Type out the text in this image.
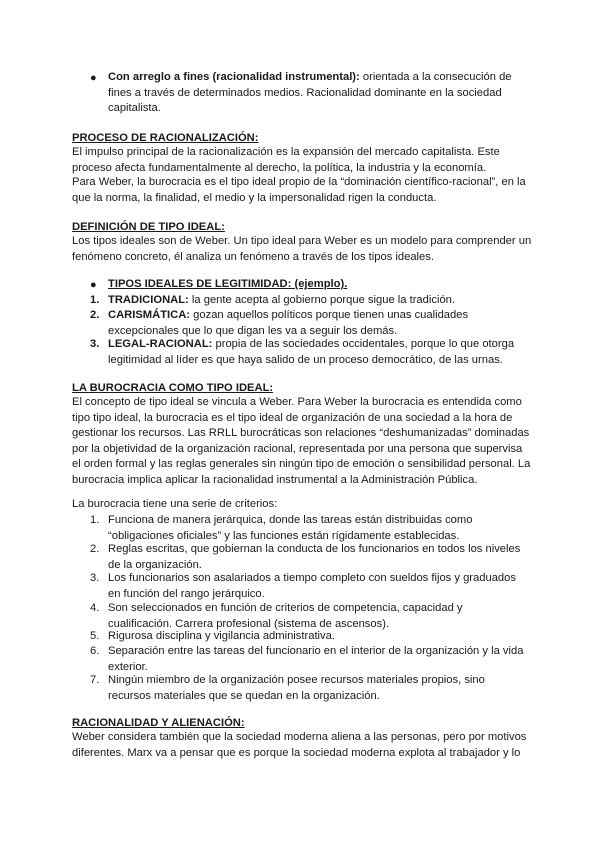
● Con arreglo a fines (racionalidad instrumental): orientada a la consecución de fines a través de determinados medios. Racionalidad dominante en la sociedad capitalista.

PROCESO DE RACIONALIZACIÓN:

El impulso principal de la racionalización es la expansión del mercado capitalista. Este proceso afecta fundamentalmente al derecho, la política, la industria y la economía.

Para Weber, la burocracia es el tipo ideal propio de la “dominación científico-racional”, en la que la norma, la finalidad, el medio y la impersonalidad rigen la conducta.

DEFINICIÓN DE TIPO IDEAL:

Los tipos ideales son de Weber. Un tipo ideal para Weber es un modelo para comprender un fenómeno concreto, él analiza un fenómeno a través de los tipos ideales.

● TIPOS IDEALES DE LEGITIMIDAD: (ejemplo).

1. TRADICIONAL: la gente acepta al gobierno porque sigue la tradición.

2. CARISMÁTICA: gozan aquellos políticos porque tienen unas cualidades excepcionales que lo que digan les va a seguir los demás.

3. LEGAL-RACIONAL: propia de las sociedades occidentales, porque lo que otorga legitimidad al líder es que haya salido de un proceso democrático, de las urnas.

LA BUROCRACIA COMO TIPO IDEAL:

El concepto de tipo ideal se vincula a Weber. Para Weber la burocracia es entendida como tipo tipo ideal, la burocracia es el tipo ideal de organización de una sociedad a la hora de gestionar los recursos. Las RRLL burocráticas son relaciones “deshumanizadas” dominadas por la objetividad de la organización racional, representada por una persona que supervisa el orden formal y las reglas generales sin ningún tipo de emoción o sensibilidad personal. La burocracia implica aplicar la racionalidad instrumental a la Administración Pública.

La burocracia tiene una serie de criterios:

1. Funciona de manera jerárquica, donde las tareas están distribuidas como “obligaciones oficiales” y las funciones están rígidamente establecidas.

2. Reglas escritas, que gobiernan la conducta de los funcionarios en todos los niveles de la organización.

3. Los funcionarios son asalariados a tiempo completo con sueldos fijos y graduados en función del rango jerárquico.

4. Son seleccionados en función de criterios de competencia, capacidad y cualificación. Carrera profesional (sistema de ascensos).

5. Rigurosa disciplina y vigilancia administrativa.

6. Separación entre las tareas del funcionario en el interior de la organización y la vida exterior.

7. Ningún miembro de la organización posee recursos materiales propios, sino recursos materiales que se quedan en la organización.

RACIONALIDAD Y ALIENACIÓN:

Weber considera también que la sociedad moderna aliena a las personas, pero por motivos diferentes. Marx va a pensar que es porque la sociedad moderna explota al trabajador y lo
